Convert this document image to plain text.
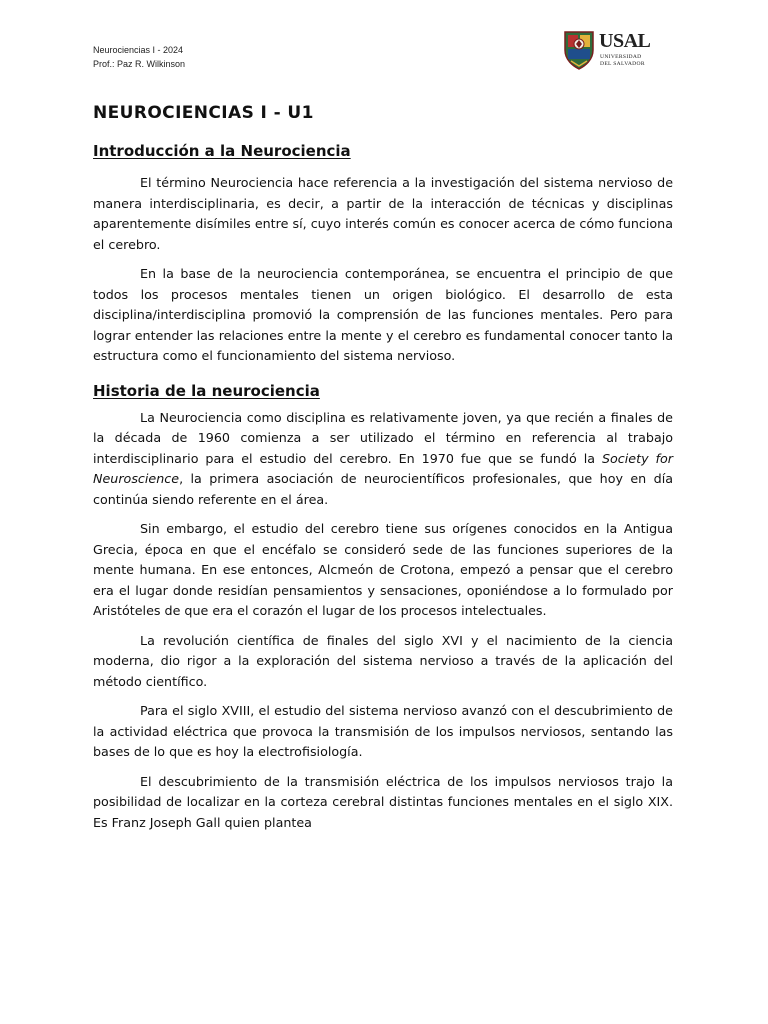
Neurociencias I - 2024
Prof.: Paz R. Wilkinson
USAL
UNIVERSIDAD
DEL SALVADOR
NEUROCIENCIAS I - U1
Introducción a la Neurociencia

El término Neurociencia hace referencia a la investigación del sistema nervioso de manera interdisciplinaria, es decir, a partir de la interacción de técnicas y disciplinas aparentemente disímiles entre sí, cuyo interés común es conocer acerca de cómo funciona el cerebro.

En la base de la neurociencia contemporánea, se encuentra el principio de que todos los procesos mentales tienen un origen biológico. El desarrollo de esta disciplina/interdisciplina promovió la comprensión de las funciones mentales. Pero para lograr entender las relaciones entre la mente y el cerebro es fundamental conocer tanto la estructura como el funcionamiento del sistema nervioso.

Historia de la neurociencia

La Neurociencia como disciplina es relativamente joven, ya que recién a finales de la década de 1960 comienza a ser utilizado el término en referencia al trabajo interdisciplinario para el estudio del cerebro. En 1970 fue que se fundó la Society for Neuroscience, la primera asociación de neurocientíficos profesionales, que hoy en día continúa siendo referente en el área.

Sin embargo, el estudio del cerebro tiene sus orígenes conocidos en la Antigua Grecia, época en que el encéfalo se consideró sede de las funciones superiores de la mente humana. En ese entonces, Alcmeón de Crotona, empezó a pensar que el cerebro era el lugar donde residían pensamientos y sensaciones, oponiéndose a lo formulado por Aristóteles de que era el corazón el lugar de los procesos intelectuales.

La revolución científica de finales del siglo XVI y el nacimiento de la ciencia moderna, dio rigor a la exploración del sistema nervioso a través de la aplicación del método científico.

Para el siglo XVIII, el estudio del sistema nervioso avanzó con el descubrimiento de la actividad eléctrica que provoca la transmisión de los impulsos nerviosos, sentando las bases de lo que es hoy la electrofisiología.

El descubrimiento de la transmisión eléctrica de los impulsos nerviosos trajo la posibilidad de localizar en la corteza cerebral distintas funciones mentales en el siglo XIX. Es Franz Joseph Gall quien plantea
